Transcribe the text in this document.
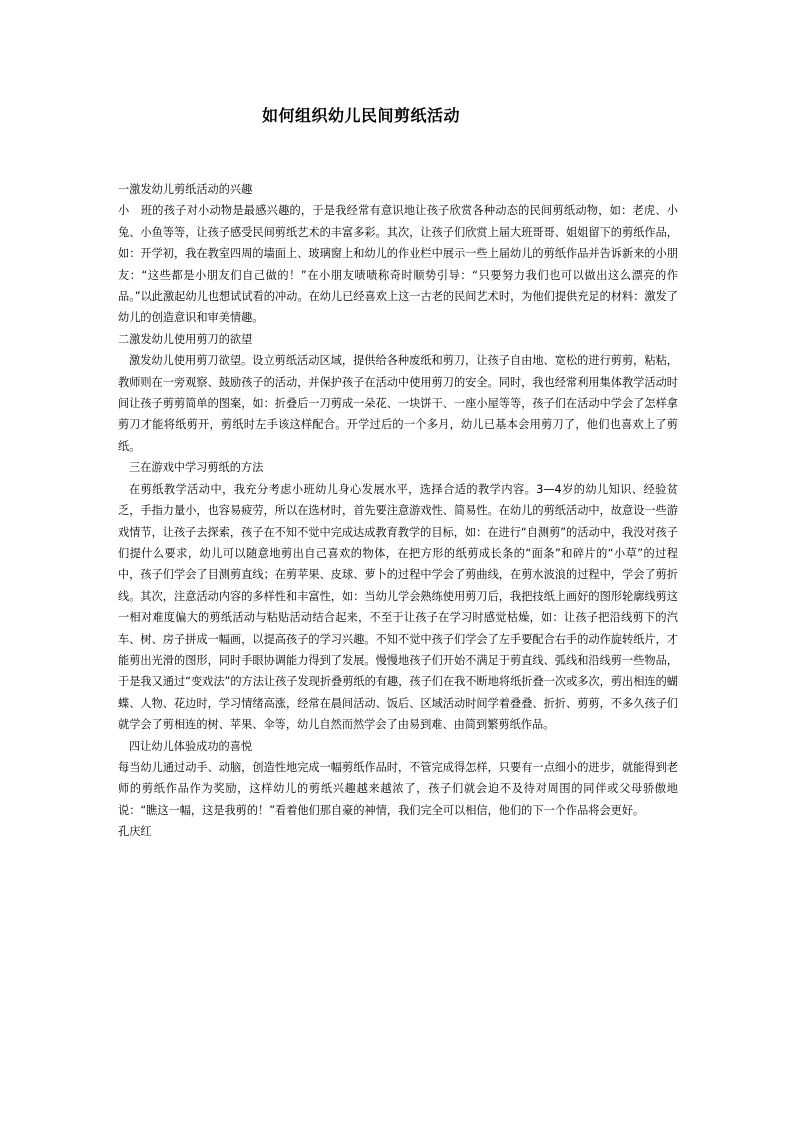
如何组织幼儿民间剪纸活动

一激发幼儿剪纸活动的兴趣

小　班的孩子对小动物是最感兴趣的，于是我经常有意识地让孩子欣赏各种动态的民间剪纸动物，如：老虎、小兔、小鱼等等，让孩子感受民间剪纸艺术的丰富多彩。其次，让孩子们欣赏上届大班哥哥、姐姐留下的剪纸作品，如：开学初，我在教室四周的墙面上、玻璃窗上和幼儿的作业栏中展示一些上届幼儿的剪纸作品并告诉新来的小朋友：“这些都是小朋友们自己做的！”在小朋友啧啧称奇时顺势引导：“只要努力我们也可以做出这么漂亮的作品。”以此激起幼儿也想试试看的冲动。在幼儿已经喜欢上这一古老的民间艺术时，为他们提供充足的材料：激发了幼儿的创造意识和审美情趣。

二激发幼儿使用剪刀的欲望

激发幼儿使用剪刀欲望。设立剪纸活动区域，提供给各种废纸和剪刀，让孩子自由地、宽松的进行剪剪，粘粘，教师则在一旁观察、鼓励孩子的活动，并保护孩子在活动中使用剪刀的安全。同时，我也经常利用集体教学活动时间让孩子剪剪简单的图案，如：折叠后一刀剪成一朵花、一块饼干、一座小屋等等，孩子们在活动中学会了怎样拿剪刀才能将纸剪开，剪纸时左手该这样配合。开学过后的一个多月，幼儿已基本会用剪刀了，他们也喜欢上了剪纸。

三在游戏中学习剪纸的方法

在剪纸教学活动中，我充分考虑小班幼儿身心发展水平，选择合适的教学内容。3—4岁的幼儿知识、经验贫乏，手指力量小，也容易疲劳，所以在选材时，首先要注意游戏性、简易性。在幼儿的剪纸活动中，故意设一些游戏情节，让孩子去探索，孩子在不知不觉中完成达成教育教学的目标，如：在进行“自测剪”的活动中，我没对孩子们提什么要求，幼儿可以随意地剪出自己喜欢的物体，在把方形的纸剪成长条的“面条”和碎片的“小草”的过程中，孩子们学会了目测剪直线；在剪苹果、皮球、萝卜的过程中学会了剪曲线，在剪水波浪的过程中，学会了剪折线。其次，注意活动内容的多样性和丰富性，如：当幼儿学会熟练使用剪刀后，我把技纸上画好的图形轮廓线剪这一相对难度偏大的剪纸活动与粘贴活动结合起来，不至于让孩子在学习时感觉枯燥，如：让孩子把沿线剪下的汽车、树、房子拼成一幅画，以提高孩子的学习兴趣。不知不觉中孩子们学会了左手要配合右手的动作旋转纸片，才能剪出光滑的图形，同时手眼协调能力得到了发展。慢慢地孩子们开始不满足于剪直线、弧线和沿线剪一些物品，于是我又通过“变戏法”的方法让孩子发现折叠剪纸的有趣，孩子们在我不断地将纸折叠一次或多次，剪出相连的蝴蝶、人物、花边时，学习情绪高涨，经常在晨间活动、饭后、区域活动时间学着叠叠、折折、剪剪，不多久孩子们就学会了剪相连的树、苹果、伞等，幼儿自然而然学会了由易到难、由简到繁剪纸作品。

四让幼儿体验成功的喜悦

每当幼儿通过动手、动脑，创造性地完成一幅剪纸作品时，不管完成得怎样，只要有一点细小的进步，就能得到老师的剪纸作品作为奖励，这样幼儿的剪纸兴趣越来越浓了，孩子们就会迫不及待对周围的同伴或父母骄傲地说：“瞧这一幅，这是我剪的！”看着他们那自豪的神情，我们完全可以相信，他们的下一个作品将会更好。

孔庆红
